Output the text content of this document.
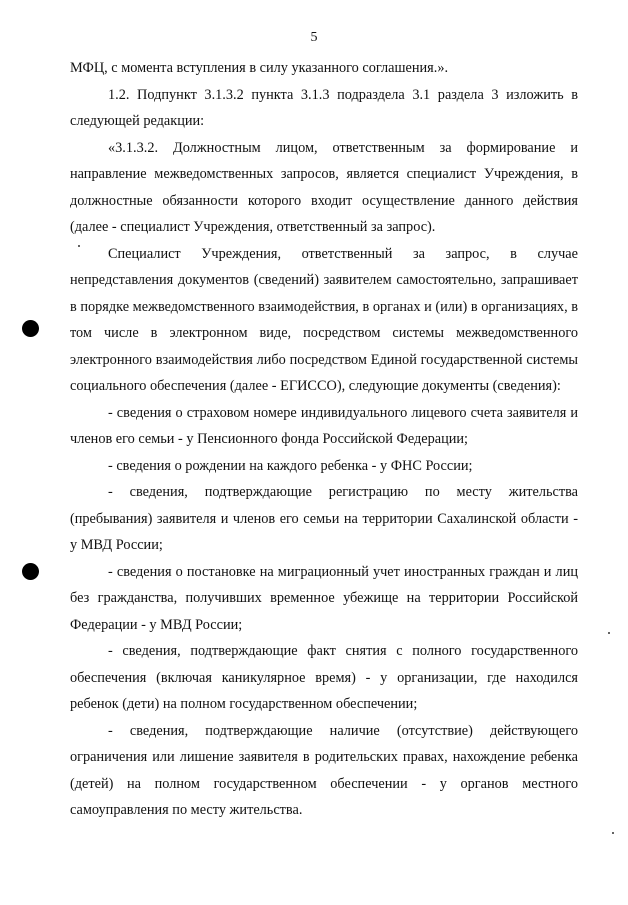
5

МФЦ, с момента вступления в силу указанного соглашения.».

1.2. Подпункт 3.1.3.2 пункта 3.1.3 подраздела 3.1 раздела 3 изложить в следующей редакции:

«3.1.3.2. Должностным лицом, ответственным за формирование и направление межведомственных запросов, является специалист Учреждения, в должностные обязанности которого входит осуществление данного действия (далее - специалист Учреждения, ответственный за запрос).

Специалист Учреждения, ответственный за запрос, в случае непредставления документов (сведений) заявителем самостоятельно, запрашивает в порядке межведомственного взаимодействия, в органах и (или) в организациях, в том числе в электронном виде, посредством системы межведомственного электронного взаимодействия либо посредством Единой государственной системы социального обеспечения (далее - ЕГИССО), следующие документы (сведения):

- сведения о страховом номере индивидуального лицевого счета заявителя и членов его семьи - у Пенсионного фонда Российской Федерации;

- сведения о рождении на каждого ребенка - у ФНС России;

- сведения, подтверждающие регистрацию по месту жительства (пребывания) заявителя и членов его семьи на территории Сахалинской области - у МВД России;

- сведения о постановке на миграционный учет иностранных граждан и лиц без гражданства, получивших временное убежище на территории Российской Федерации - у МВД России;

- сведения, подтверждающие факт снятия с полного государственного обеспечения (включая каникулярное время) - у организации, где находился ребенок (дети) на полном государственном обеспечении;

- сведения, подтверждающие наличие (отсутствие) действующего ограничения или лишение заявителя в родительских правах, нахождение ребенка (детей) на полном государственном обеспечении - у органов местного самоуправления по месту жительства.
